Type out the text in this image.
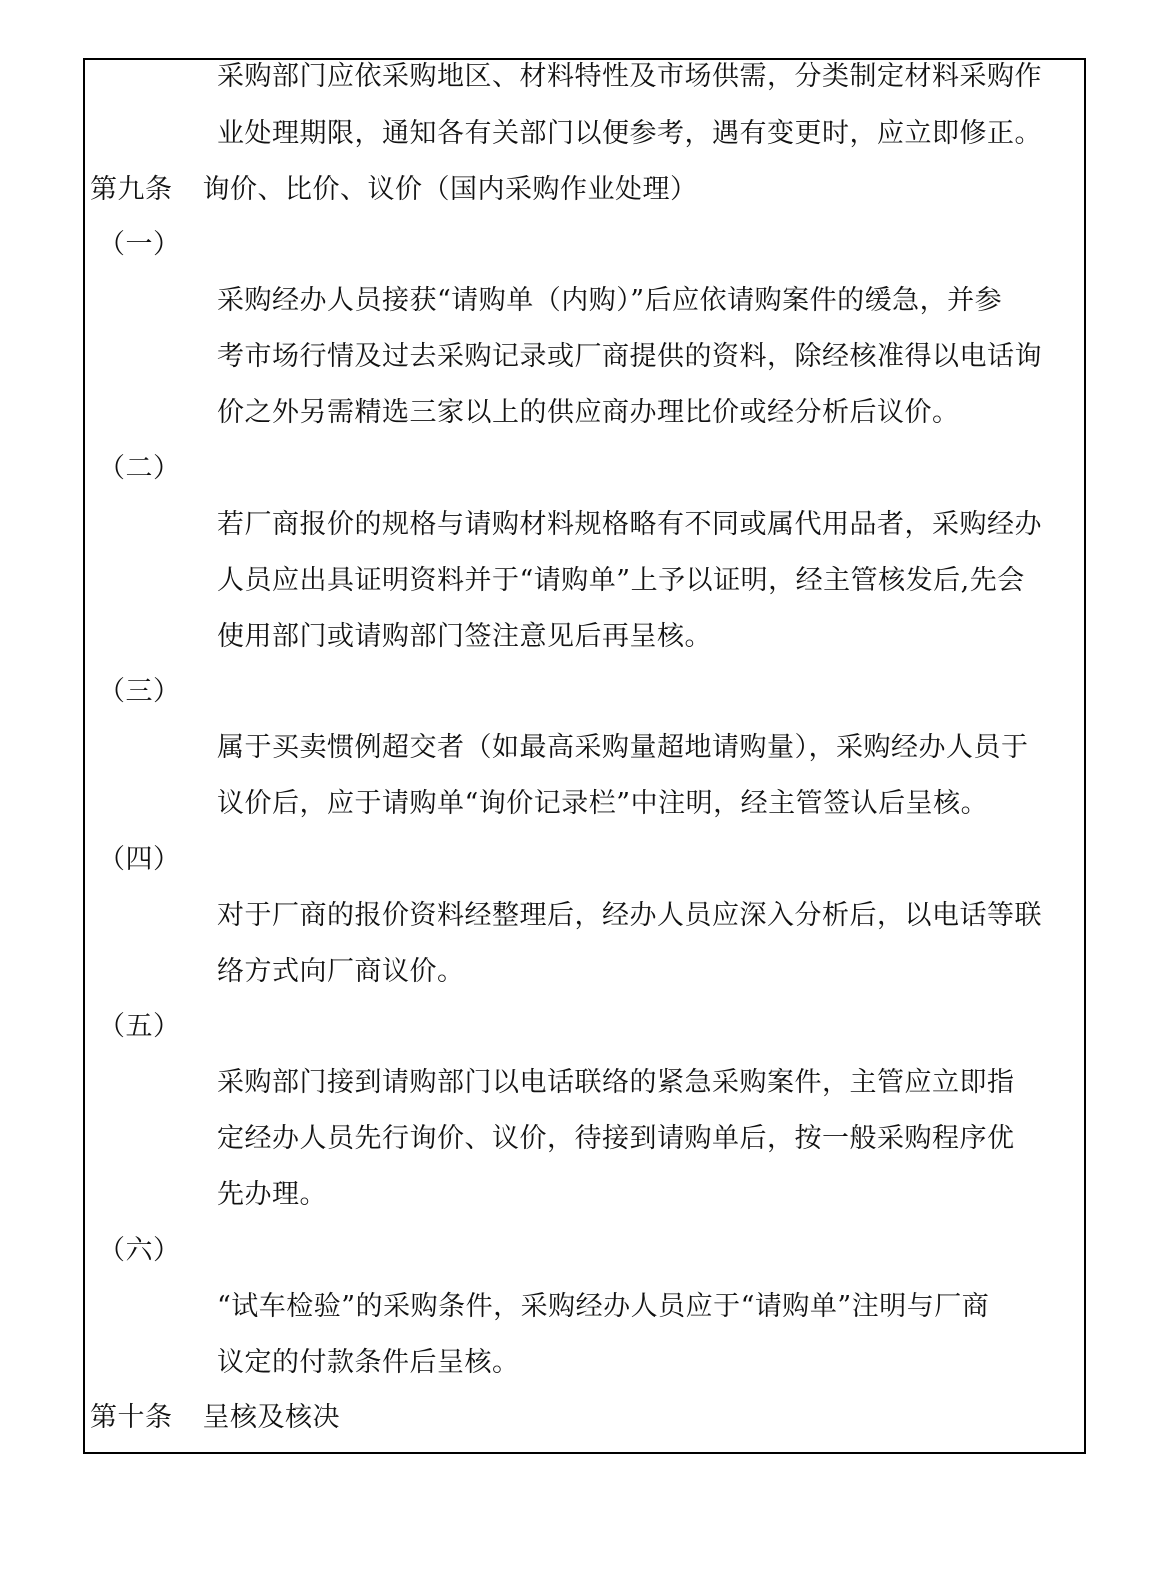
采购部门应依采购地区、材料特性及市场供需，分类制定材料采购作
业处理期限，通知各有关部门以便参考，遇有变更时，应立即修正。
第九条 询价、比价、议价（国内采购作业处理）
（一）
采购经办人员接获“请购单（内购）”后应依请购案件的缓急，并参
考市场行情及过去采购记录或厂商提供的资料，除经核准得以电话询
价之外另需精选三家以上的供应商办理比价或经分析后议价。
（二）
若厂商报价的规格与请购材料规格略有不同或属代用品者，采购经办
人员应出具证明资料并于“请购单”上予以证明，经主管核发后,先会
使用部门或请购部门签注意见后再呈核。
（三）
属于买卖惯例超交者（如最高采购量超地请购量），采购经办人员于
议价后，应于请购单“询价记录栏”中注明，经主管签认后呈核。
（四）
对于厂商的报价资料经整理后，经办人员应深入分析后，以电话等联
络方式向厂商议价。
（五）
采购部门接到请购部门以电话联络的紧急采购案件，主管应立即指
定经办人员先行询价、议价，待接到请购单后，按一般采购程序优
先办理。
（六）
“试车检验”的采购条件，采购经办人员应于“请购单”注明与厂商
议定的付款条件后呈核。
第十条 呈核及核决
